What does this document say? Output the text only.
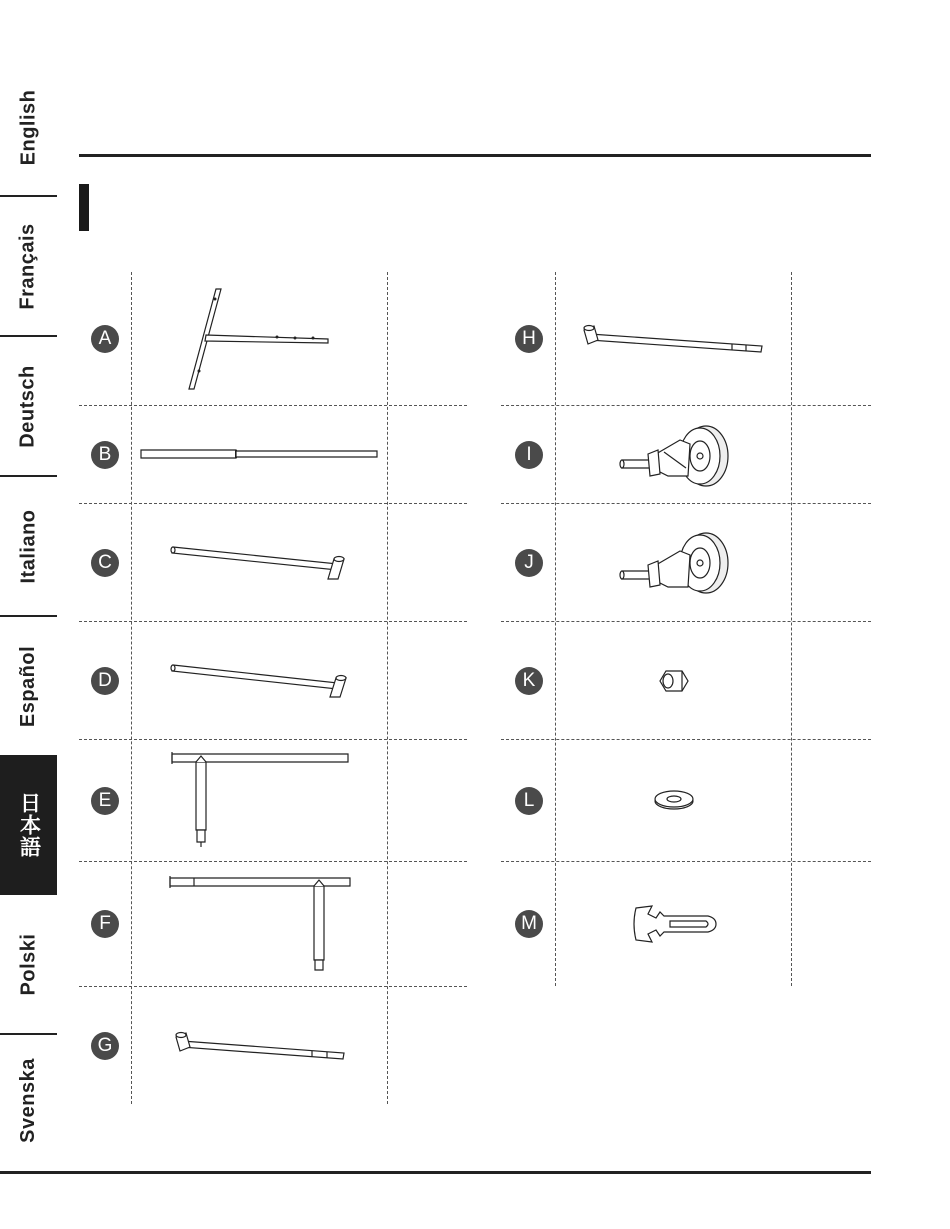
English
Français
Deutsch
Italiano
Español
日本語
Polski
Svenska
A
B
C
D
E
F
G
H
I
J
K
L
M
